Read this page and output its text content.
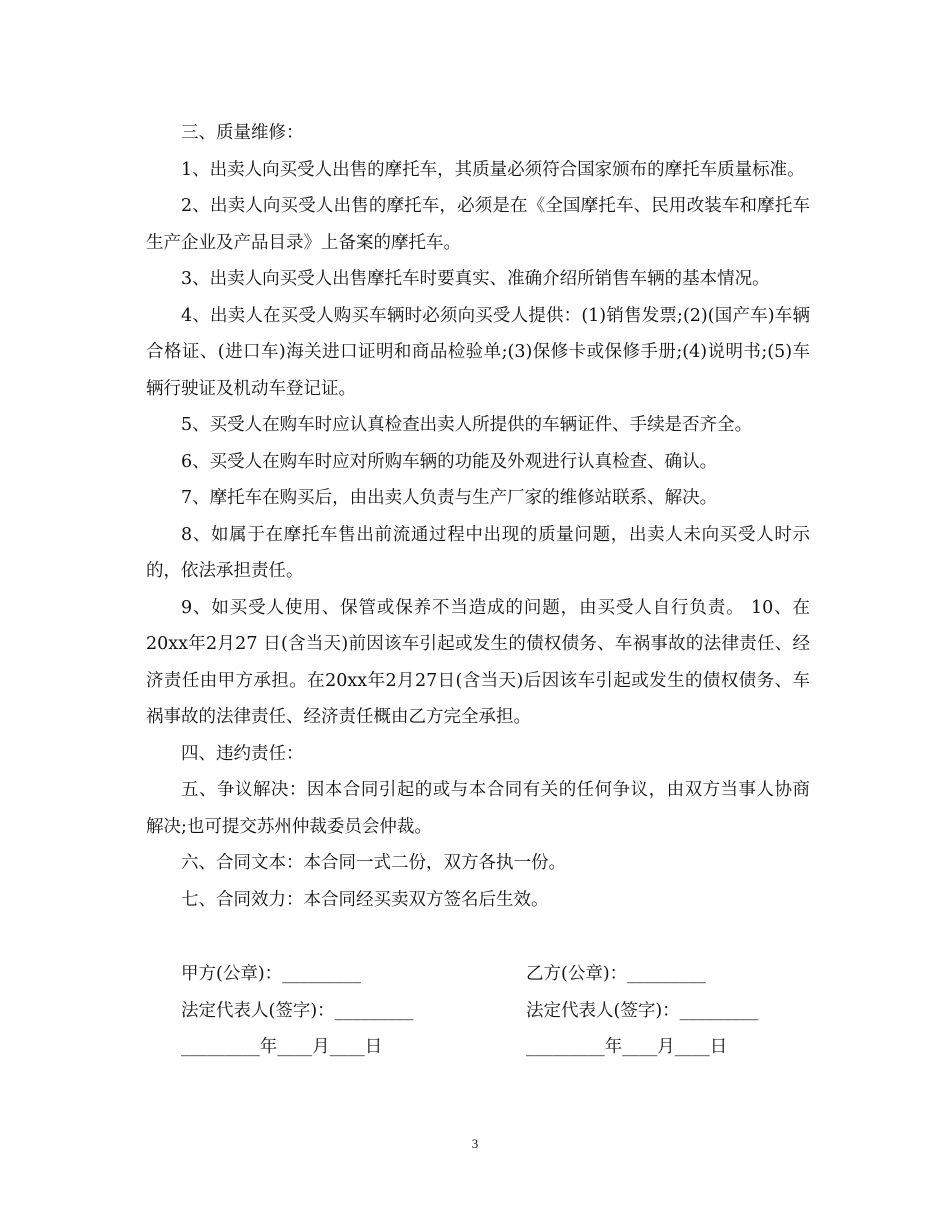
三、质量维修：

1、出卖人向买受人出售的摩托车，其质量必须符合国家颁布的摩托车质量标准。

2、出卖人向买受人出售的摩托车，必须是在《全国摩托车、民用改装车和摩托车生产企业及产品目录》上备案的摩托车。

3、出卖人向买受人出售摩托车时要真实、准确介绍所销售车辆的基本情况。

4、出卖人在买受人购买车辆时必须向买受人提供：(1)销售发票;(2)(国产车)车辆合格证、(进口车)海关进口证明和商品检验单;(3)保修卡或保修手册;(4)说明书;(5)车辆行驶证及机动车登记证。

5、买受人在购车时应认真检查出卖人所提供的车辆证件、手续是否齐全。

6、买受人在购车时应对所购车辆的功能及外观进行认真检查、确认。

7、摩托车在购买后，由出卖人负责与生产厂家的维修站联系、解决。

8、如属于在摩托车售出前流通过程中出现的质量问题，出卖人未向买受人时示的，依法承担责任。

9、如买受人使用、保管或保养不当造成的问题，由买受人自行负责。 10、在20xx年2月27 日(含当天)前因该车引起或发生的债权债务、车祸事故的法律责任、经济责任由甲方承担。在20xx年2月27日(含当天)后因该车引起或发生的债权债务、车祸事故的法律责任、经济责任概由乙方完全承担。

四、违约责任：

五、争议解决：因本合同引起的或与本合同有关的任何争议，由双方当事人协商解决;也可提交苏州仲裁委员会仲裁。

六、合同文本：本合同一式二份，双方各执一份。

七、合同效力：本合同经买卖双方签名后生效。

甲方(公章)：_________	乙方(公章)：_________
法定代表人(签字)：_________	法定代表人(签字)：_________
_________年____月____日	_________年____月____日
3
